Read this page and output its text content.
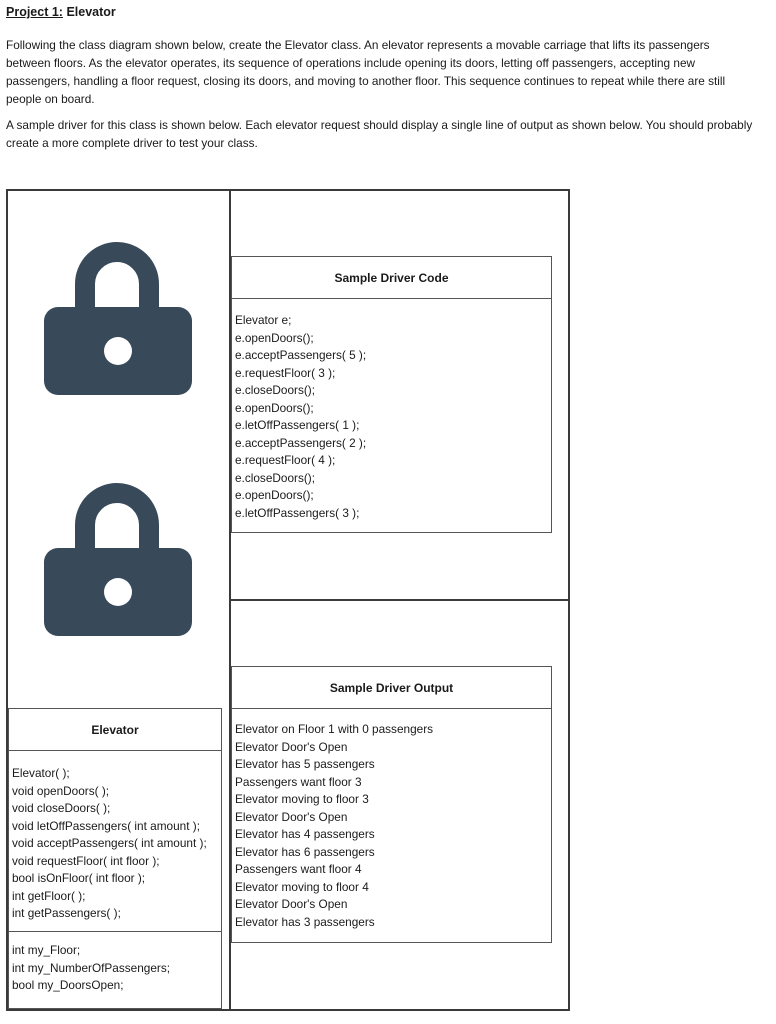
Project 1: Elevator

Following the class diagram shown below, create the Elevator class. An elevator represents a movable carriage that lifts its passengers between floors. As the elevator operates, its sequence of operations include opening its doors, letting off passengers, accepting new passengers, handling a floor request, closing its doors, and moving to another floor. This sequence continues to repeat while there are still people on board.

A sample driver for this class is shown below. Each elevator request should display a single line of output as shown below. You should probably create a more complete driver to test your class.

Sample Driver Code
Elevator e;
e.openDoors();
e.acceptPassengers( 5 );
e.requestFloor( 3 );
e.closeDoors();
e.openDoors();
e.letOffPassengers( 1 );
e.acceptPassengers( 2 );
e.requestFloor( 4 );
e.closeDoors();
e.openDoors();
e.letOffPassengers( 3 );
Sample Driver Output
Elevator on Floor 1 with 0 passengers
Elevator Door's Open
Elevator has 5 passengers
Passengers want floor 3
Elevator moving to floor 3
Elevator Door's Open
Elevator has 4 passengers
Elevator has 6 passengers
Passengers want floor 4
Elevator moving to floor 4
Elevator Door's Open
Elevator has 3 passengers
Elevator
Elevator( );
void openDoors( );
void closeDoors( );
void letOffPassengers( int amount );
void acceptPassengers( int amount );
void requestFloor( int floor );
bool isOnFloor( int floor );
int getFloor( );
int getPassengers( );
int my_Floor;
int my_NumberOfPassengers;
bool my_DoorsOpen;
